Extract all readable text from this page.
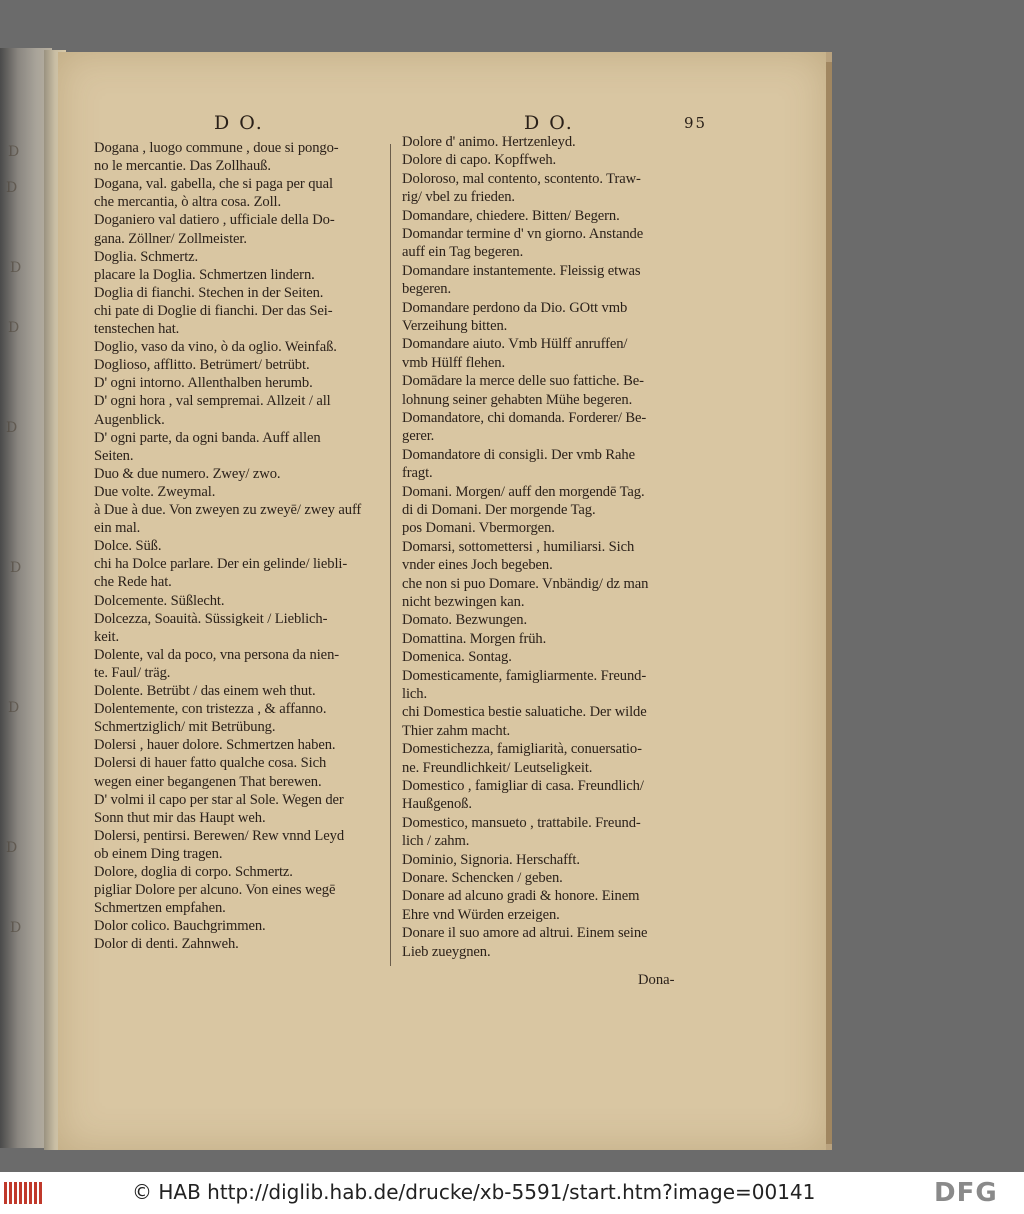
D
D
D
D
D
D
D
D
D
D O.	D O.	95
Dogana , luogo commune , doue si pongo-
no le mercantie. Das Zollhauß.
Dogana, val. gabella, che si paga per qual
che mercantia, ò altra cosa. Zoll.
Doganiero val datiero , ufficiale della Do-
gana. Zöllner/ Zollmeister.
Doglia. Schmertz.
placare la Doglia. Schmertzen lindern.
Doglia di fianchi. Stechen in der Seiten.
chi pate di Doglie di fianchi. Der das Sei-
tenstechen hat.
Doglio, vaso da vino, ò da oglio. Weinfaß.
Doglioso, afflitto. Betrümert/ betrübt.
D' ogni intorno. Allenthalben herumb.
D' ogni hora , val sempremai. Allzeit / all
Augenblick.
D' ogni parte, da ogni banda. Auff allen
Seiten.
Duo & due numero. Zwey/ zwo.
Due volte. Zweymal.
à Due à due. Von zweyen zu zweyē/ zwey auff
ein mal.
Dolce. Süß.
chi ha Dolce parlare. Der ein gelinde/ liebli-
che Rede hat.
Dolcemente. Süßlecht.
Dolcezza, Soauità. Süssigkeit / Lieblich-
keit.
Dolente, val da poco, vna persona da nien-
te. Faul/ träg.
Dolente. Betrübt / das einem weh thut.
Dolentemente, con tristezza , & affanno.
Schmertziglich/ mit Betrübung.
Dolersi , hauer dolore. Schmertzen haben.
Dolersi di hauer fatto qualche cosa. Sich
wegen einer begangenen That berewen.
D' volmi il capo per star al Sole. Wegen der
Sonn thut mir das Haupt weh.
Dolersi, pentirsi. Berewen/ Rew vnnd Leyd
ob einem Ding tragen.
Dolore, doglia di corpo. Schmertz.
pigliar Dolore per alcuno. Von eines wegē
Schmertzen empfahen.
Dolor colico. Bauchgrimmen.
Dolor di denti. Zahnweh.
Dolore d' animo. Hertzenleyd.
Dolore di capo. Kopffweh.
Doloroso, mal contento, scontento. Traw-
rig/ vbel zu frieden.
Domandare, chiedere. Bitten/ Begern.
Domandar termine d' vn giorno. Anstande
auff ein Tag begeren.
Domandare instantemente. Fleissig etwas
begeren.
Domandare perdono da Dio. GOtt vmb
Verzeihung bitten.
Domandare aiuto. Vmb Hülff anruffen/
vmb Hülff flehen.
Domādare la merce delle suo fattiche. Be-
lohnung seiner gehabten Mühe begeren.
Domandatore, chi domanda. Forderer/ Be-
gerer.
Domandatore di consigli. Der vmb Rahe
fragt.
Domani. Morgen/ auff den morgendē Tag.
di di Domani. Der morgende Tag.
pos Domani. Vbermorgen.
Domarsi, sottomettersi , humiliarsi. Sich
vnder eines Joch begeben.
che non si puo Domare. Vnbändig/ dz man
nicht bezwingen kan.
Domato. Bezwungen.
Domattina. Morgen früh.
Domenica. Sontag.
Domesticamente, famigliarmente. Freund-
lich.
chi Domestica bestie saluatiche. Der wilde
Thier zahm macht.
Domestichezza, famigliarità, conuersatio-
ne. Freundlichkeit/ Leutseligkeit.
Domestico , famigliar di casa. Freundlich/
Haußgenoß.
Domestico, mansueto , trattabile. Freund-
lich / zahm.
Dominio, Signoria. Herschafft.
Donare. Schencken / geben.
Donare ad alcuno gradi & honore. Einem
Ehre vnd Würden erzeigen.
Donare il suo amore ad altrui. Einem seine
Lieb zueygnen.
Dona-
© HAB http://diglib.hab.de/drucke/xb-5591/start.htm?image=00141	DFG
